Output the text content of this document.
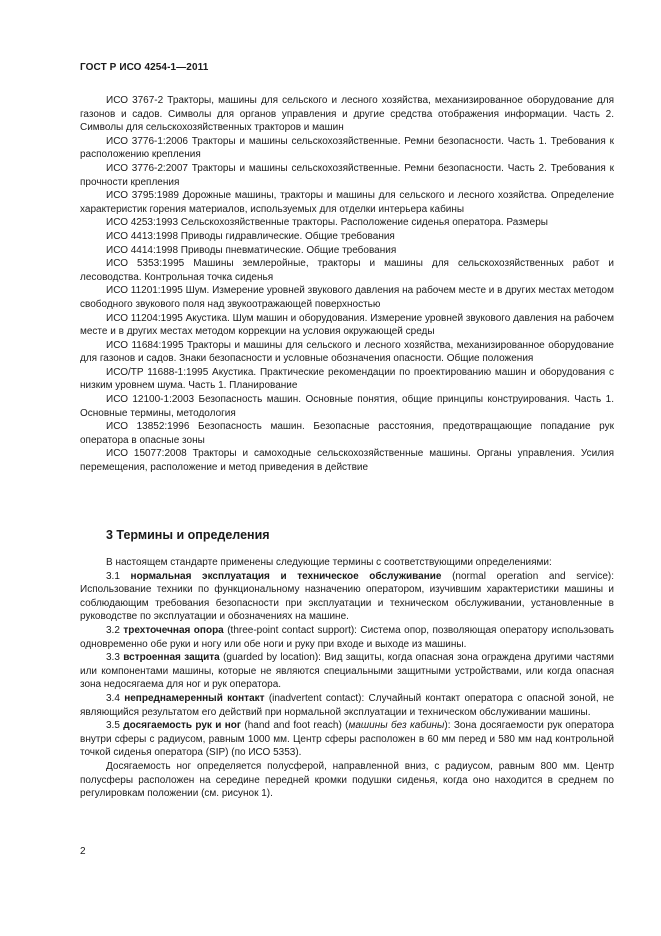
ГОСТ Р ИСО 4254-1—2011

ИСО 3767-2 Тракторы, машины для сельского и лесного хозяйства, механизированное оборудование для газонов и садов. Символы для органов управления и другие средства отображения информации. Часть 2. Символы для сельскохозяйственных тракторов и машин

ИСО 3776-1:2006 Тракторы и машины сельскохозяйственные. Ремни безопасности. Часть 1. Требования к расположению крепления

ИСО 3776-2:2007 Тракторы и машины сельскохозяйственные. Ремни безопасности. Часть 2. Требования к прочности крепления

ИСО 3795:1989 Дорожные машины, тракторы и машины для сельского и лесного хозяйства. Определение характеристик горения материалов, используемых для отделки интерьера кабины

ИСО 4253:1993 Сельскохозяйственные тракторы. Расположение сиденья оператора. Размеры

ИСО 4413:1998 Приводы гидравлические. Общие требования

ИСО 4414:1998 Приводы пневматические. Общие требования

ИСО 5353:1995 Машины землеройные, тракторы и машины для сельскохозяйственных работ и лесоводства. Контрольная точка сиденья

ИСО 11201:1995 Шум. Измерение уровней звукового давления на рабочем месте и в других местах методом свободного звукового поля над звукоотражающей поверхностью

ИСО 11204:1995 Акустика. Шум машин и оборудования. Измерение уровней звукового давления на рабочем месте и в других местах методом коррекции на условия окружающей среды

ИСО 11684:1995 Тракторы и машины для сельского и лесного хозяйства, механизированное оборудование для газонов и садов. Знаки безопасности и условные обозначения опасности. Общие положения

ИСО/ТР 11688-1:1995 Акустика. Практические рекомендации по проектированию машин и оборудования с низким уровнем шума. Часть 1. Планирование

ИСО 12100-1:2003 Безопасность машин. Основные понятия, общие принципы конструирования. Часть 1. Основные термины, методология

ИСО 13852:1996 Безопасность машин. Безопасные расстояния, предотвращающие попадание рук оператора в опасные зоны

ИСО 15077:2008 Тракторы и самоходные сельскохозяйственные машины. Органы управления. Усилия перемещения, расположение и метод приведения в действие

3 Термины и определения

В настоящем стандарте применены следующие термины с соответствующими определениями:

3.1 нормальная эксплуатация и техническое обслуживание (normal operation and service): Использование техники по функциональному назначению оператором, изучившим характеристики машины и соблюдающим требования безопасности при эксплуатации и техническом обслуживании, установленные в руководстве по эксплуатации и обозначениях на машине.

3.2 трехточечная опора (three-point contact support): Система опор, позволяющая оператору использовать одновременно обе руки и ногу или обе ноги и руку при входе и выходе из машины.

3.3 встроенная защита (guarded by location): Вид защиты, когда опасная зона ограждена другими частями или компонентами машины, которые не являются специальными защитными устройствами, или когда опасная зона недосягаема для ног и рук оператора.

3.4 непреднамеренный контакт (inadvertent contact): Случайный контакт оператора с опасной зоной, не являющийся результатом его действий при нормальной эксплуатации и техническом обслуживании машины.

3.5 досягаемость рук и ног (hand and foot reach) (машины без кабины): Зона досягаемости рук оператора внутри сферы с радиусом, равным 1000 мм. Центр сферы расположен в 60 мм перед и 580 мм над контрольной точкой сиденья оператора (SIP) (по ИСО 5353).

Досягаемость ног определяется полусферой, направленной вниз, с радиусом, равным 800 мм. Центр полусферы расположен на середине передней кромки подушки сиденья, когда оно находится в среднем по регулировкам положении (см. рисунок 1).

2
